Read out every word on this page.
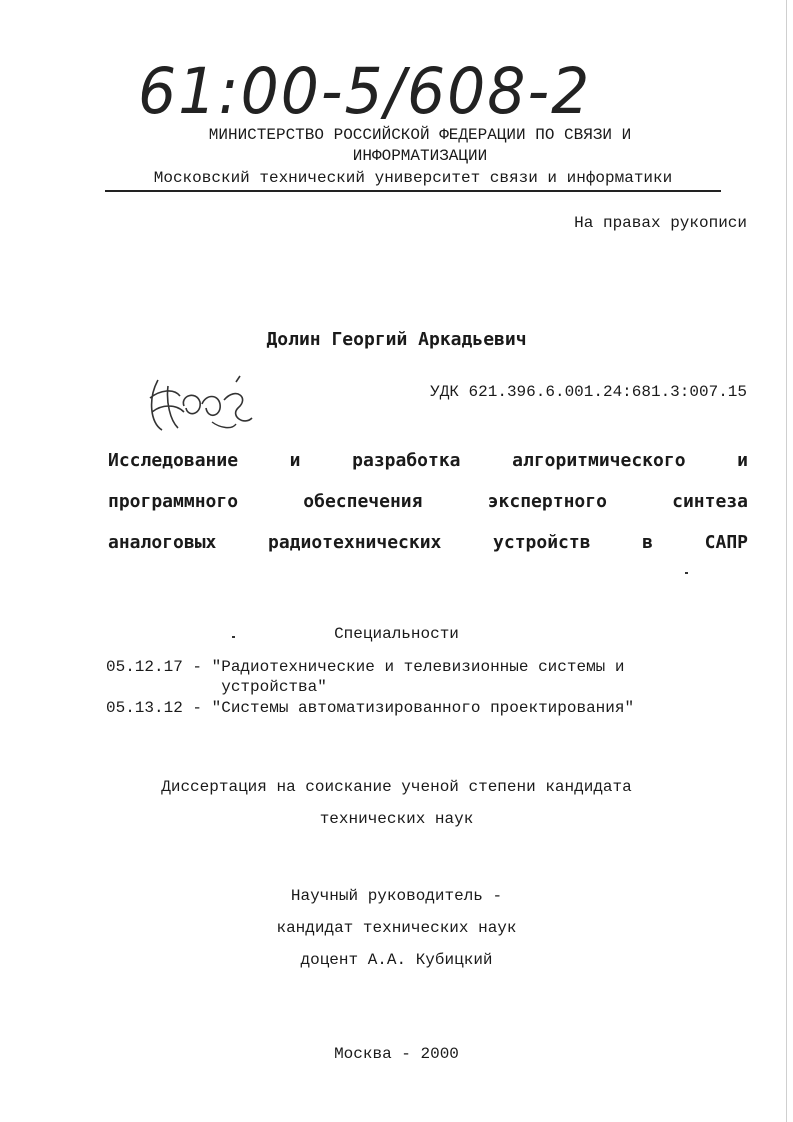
61:00-5/608-2
МИНИСТЕРСТВО РОССИЙСКОЙ ФЕДЕРАЦИИ ПО СВЯЗИ И
ИНФОРМАТИЗАЦИИ
Московский технический университет связи и информатики
На правах рукописи
Долин Георгий Аркадьевич
УДК 621.396.6.001.24:681.3:007.15
Исследование и разработка алгоритмического и
программного обеспечения экспертного синтеза
аналоговых радиотехнических устройств в САПР
Специальности
05.12.17 - "Радиотехнические и телевизионные системы и
устройства"
05.13.12 - "Системы автоматизированного проектирования"
Диссертация на соискание ученой степени кандидата
технических наук
Научный руководитель -
кандидат технических наук
доцент А.А. Кубицкий
Москва - 2000
